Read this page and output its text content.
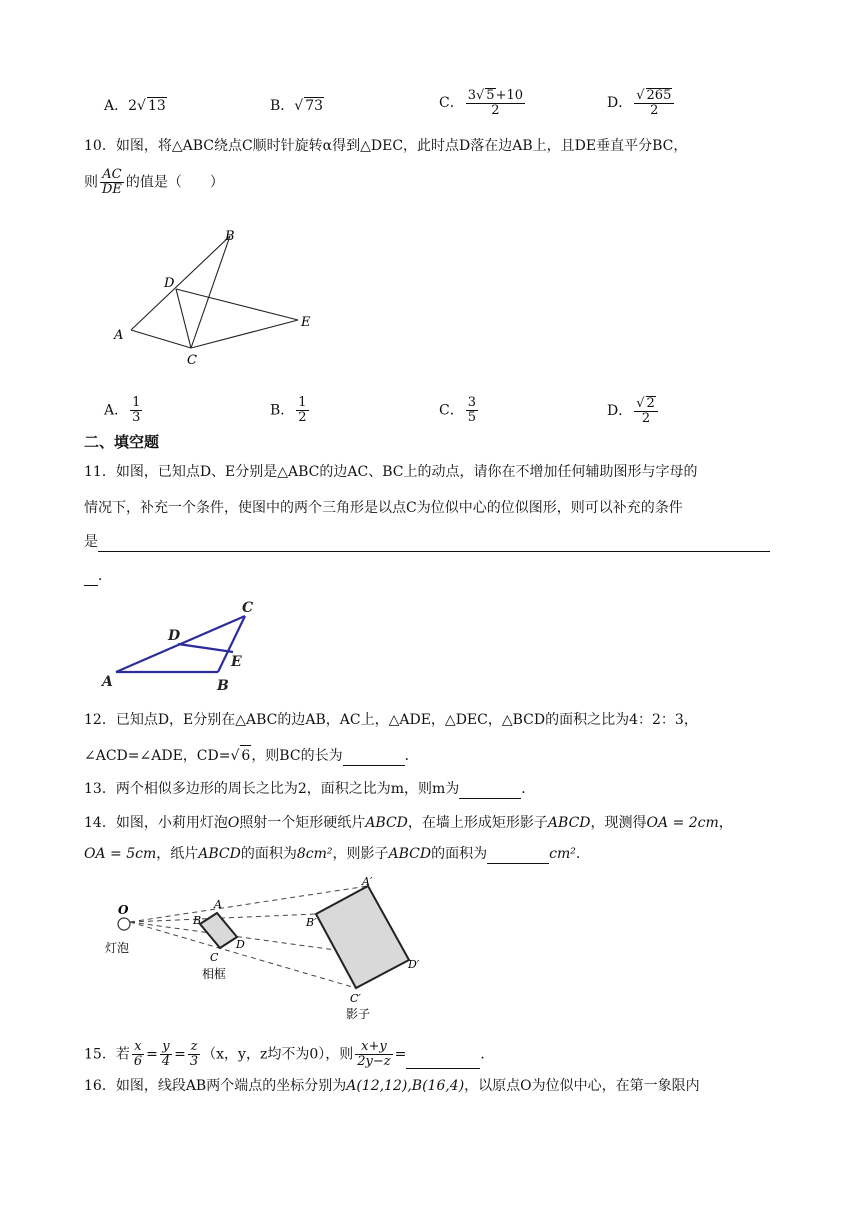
A．2√ 13	B．√ 73	C． $\frac{3√ 5+10}{2}$	D． $\frac{√ 265}{2}$
10．如图，将△ABC绕点C顺时针旋转α得到△DEC，此时点D落在边AB上，且DE垂直平分BC，
则 $\frac{AC}{DE}$ 的值是（　　）
A
B
C
D
E
A． $\frac{1}{3}$	B． $\frac{1}{2}$	C． $\frac{3}{5}$	D． $\frac{√ 2}{2}$
二、填空题
11．如图，已知点D、E分别是△ABC的边AC、BC上的动点，请你在不增加任何辅助图形与字母的
情况下，补充一个条件，使图中的两个三角形是以点C为位似中心的位似图形，则可以补充的条件
是
．
A	B
C
D
E
12．已知点D，E分别在△ABC的边AB，AC上，△ADE，△DEC，△BCD的面积之比为4：2：3，
∠ACD=∠ADE，CD=√ 6，则BC的长为	．
13．两个相似多边形的周长之比为2，面积之比为m，则m为	．
14．如图，小莉用灯泡O照射一个矩形硬纸片ABCD，在墙上形成矩形影子ABCD，现测得OA = 2cm，
OA = 5cm，纸片ABCD的面积为8cm²，则影子ABCD的面积为	cm².
O	A
B
C
D
A′
B′
C′
D′
灯泡
相框
影子
15．若 $\frac{x}{6} = \frac{y}{4} = \frac{z}{3} (x$，y，z均不为0），则 $\frac{x+y}{2y-z}$ =	．
16．如图，线段AB两个端点的坐标分别为A(12,12),B(16,4)，以原点O为位似中心，在第一象限内
